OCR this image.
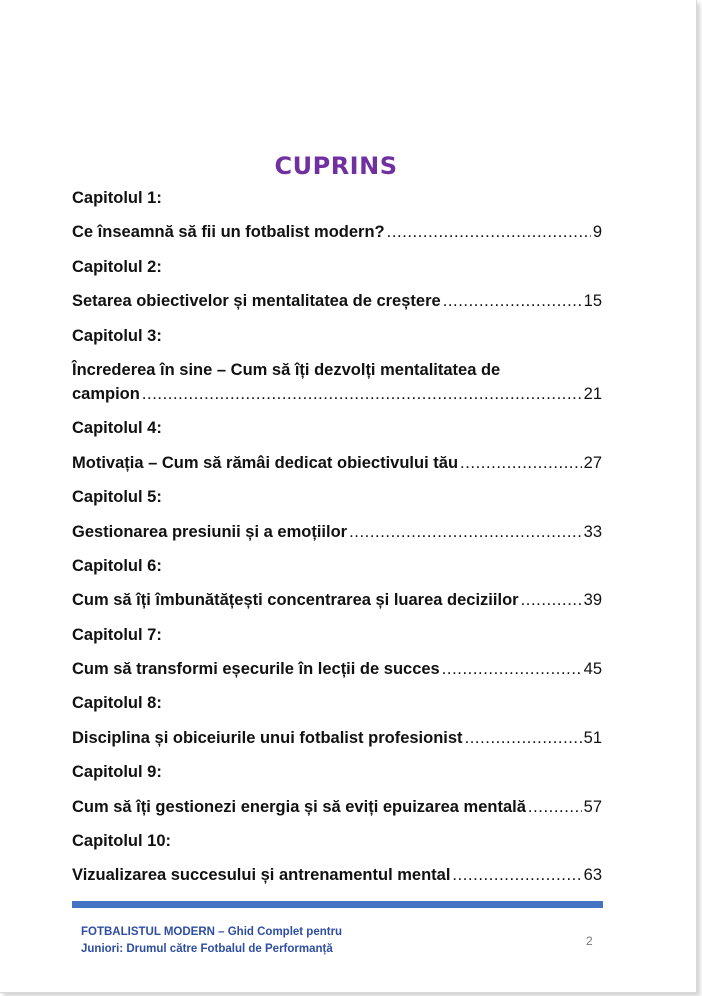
CUPRINS
Capitolul 1:
Ce înseamnă să fii un fotbalist modern? .....	9
Capitolul 2:
Setarea obiectivelor și mentalitatea de creștere .....	15
Capitolul 3:
Încrederea în sine – Cum să îți dezvolți mentalitatea de
campion .....	21
Capitolul 4:
Motivația – Cum să rămâi dedicat obiectivului tău .....	27
Capitolul 5:
Gestionarea presiunii și a emoțiilor .....	33
Capitolul 6:
Cum să îți îmbunătățești concentrarea și luarea deciziilor .....	39
Capitolul 7:
Cum să transformi eșecurile în lecții de succes .....	45
Capitolul 8:
Disciplina și obiceiurile unui fotbalist profesionist .....	51
Capitolul 9:
Cum să îți gestionezi energia și să eviți epuizarea mentală .....	57
Capitolul 10:
Vizualizarea succesului și antrenamentul mental .....	63
FOTBALISTUL MODERN – Ghid Complet pentru
Juniori: Drumul către Fotbalul de Performanță
2
